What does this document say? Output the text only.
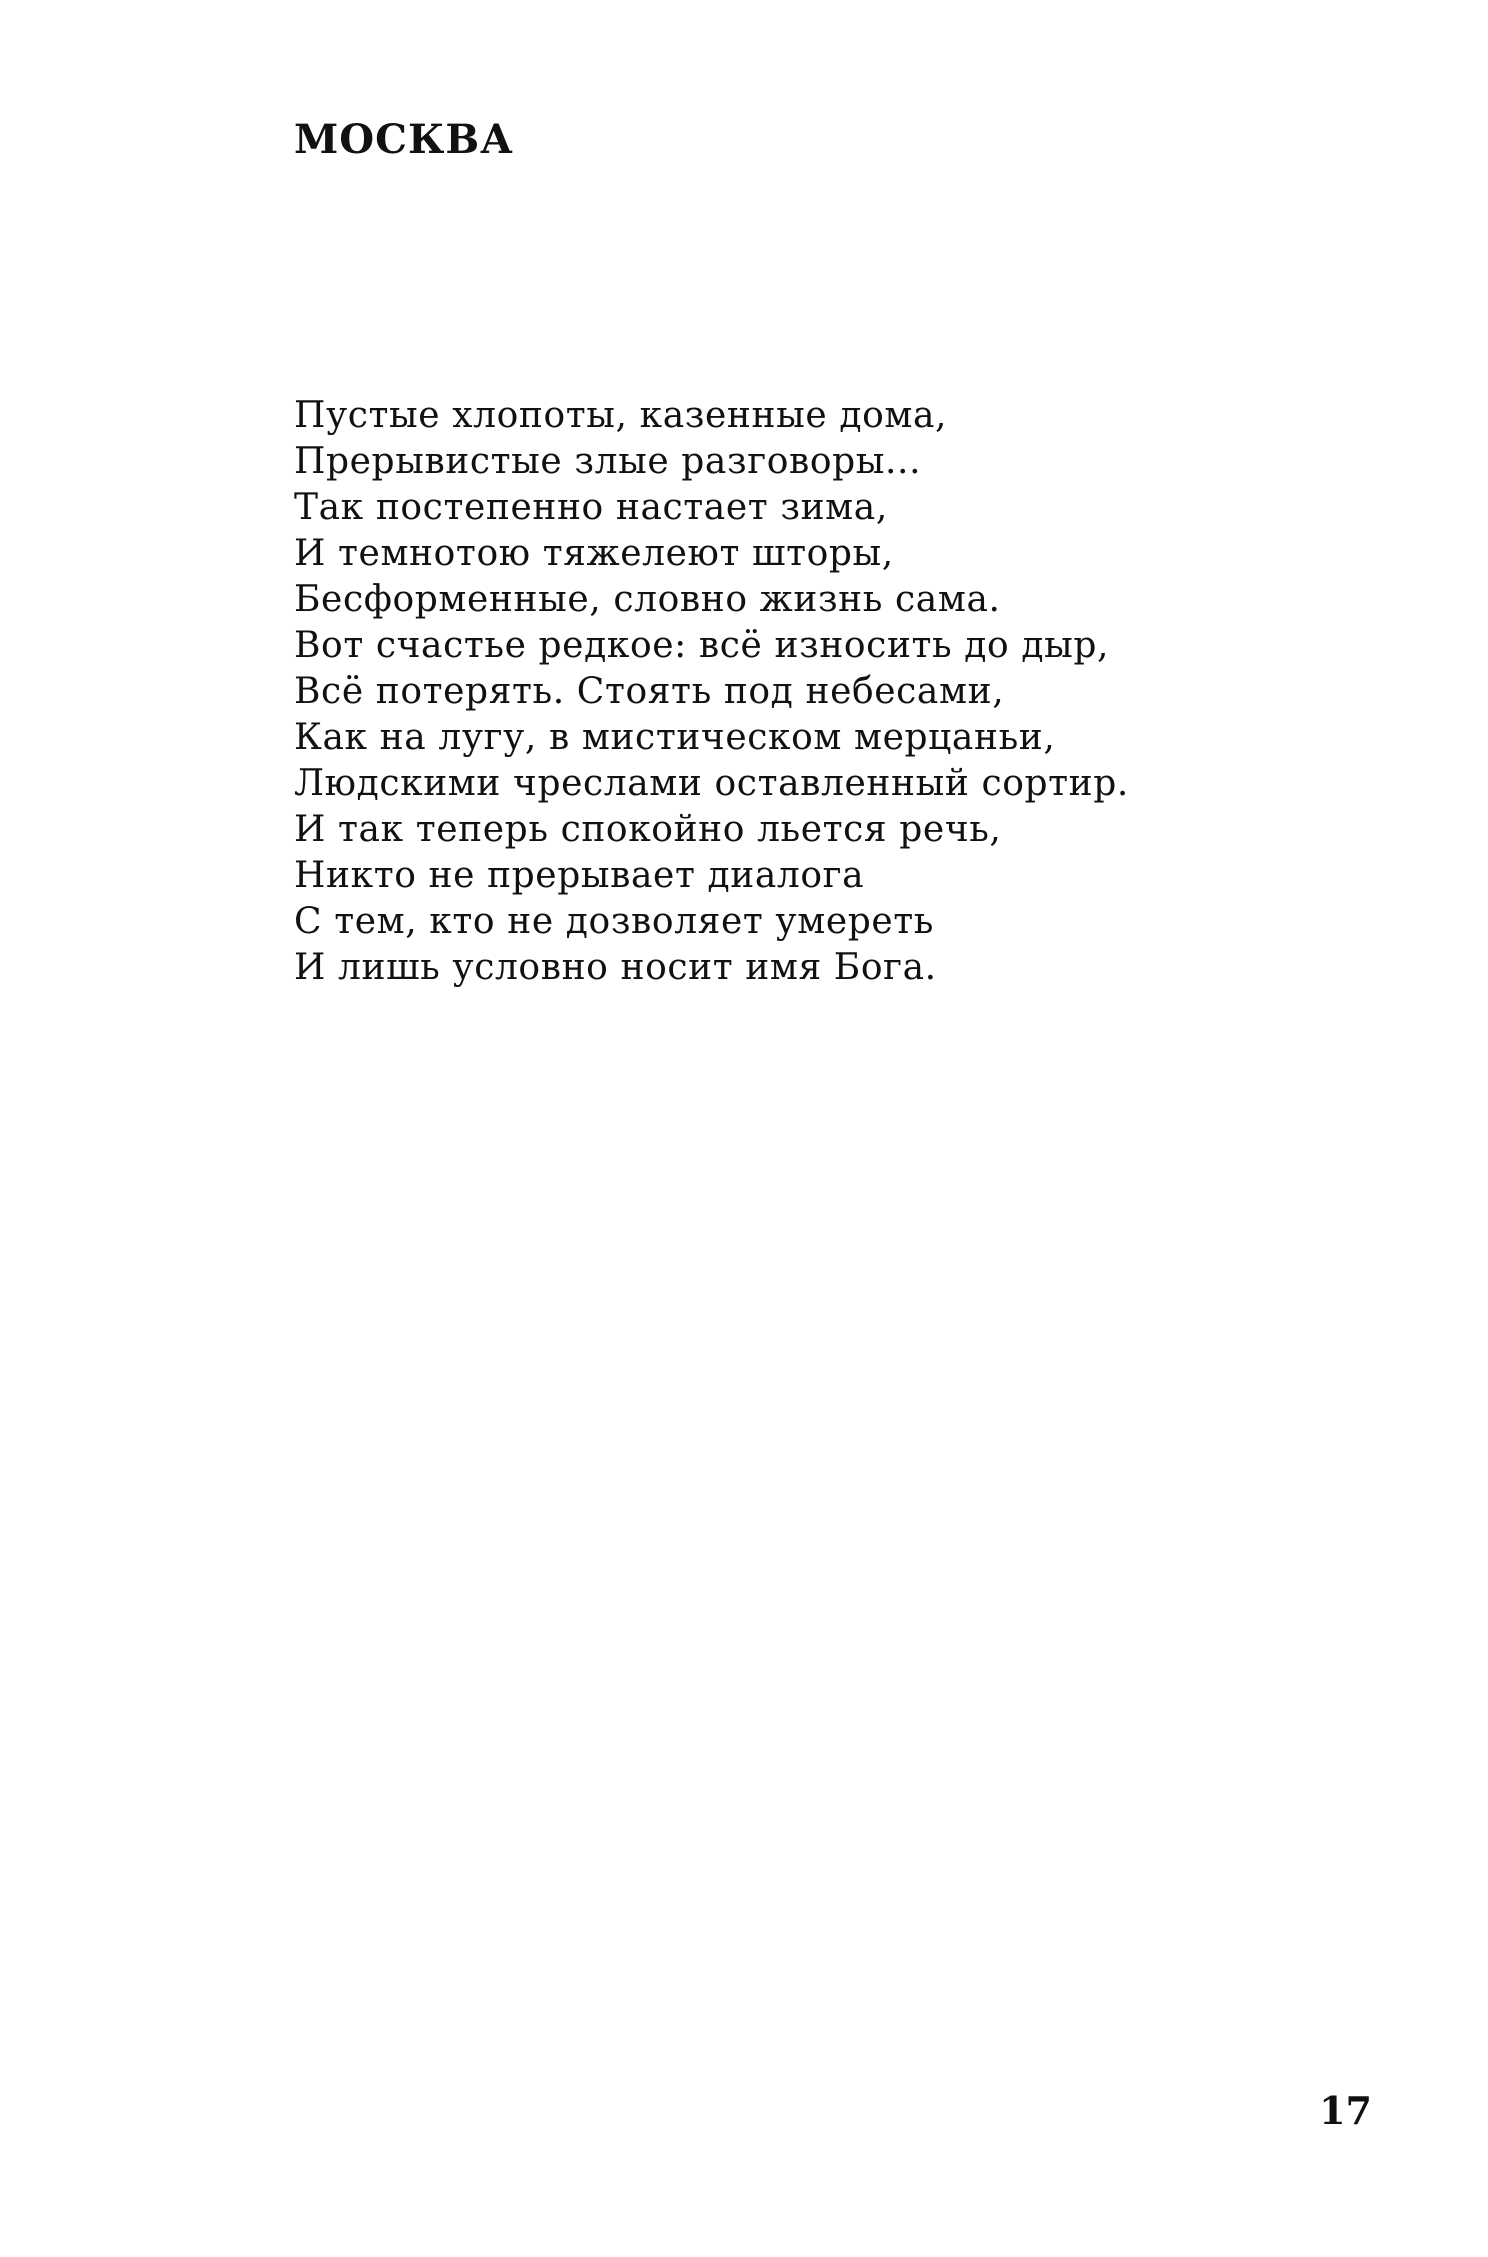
МОСКВА
Пустые хлопоты, казенные дома,
Прерывистые злые разговоры...
Так постепенно настает зима,
И темнотою тяжелеют шторы,
Бесформенные, словно жизнь сама.
Вот счастье редкое: всё износить до дыр,
Всё потерять. Стоять под небесами,
Как на лугу, в мистическом мерцаньи,
Людскими чреслами оставленный сортир.
И так теперь спокойно льется речь,
Никто не прерывает диалога
С тем, кто не дозволяет умереть
И лишь условно носит имя Бога.

17
